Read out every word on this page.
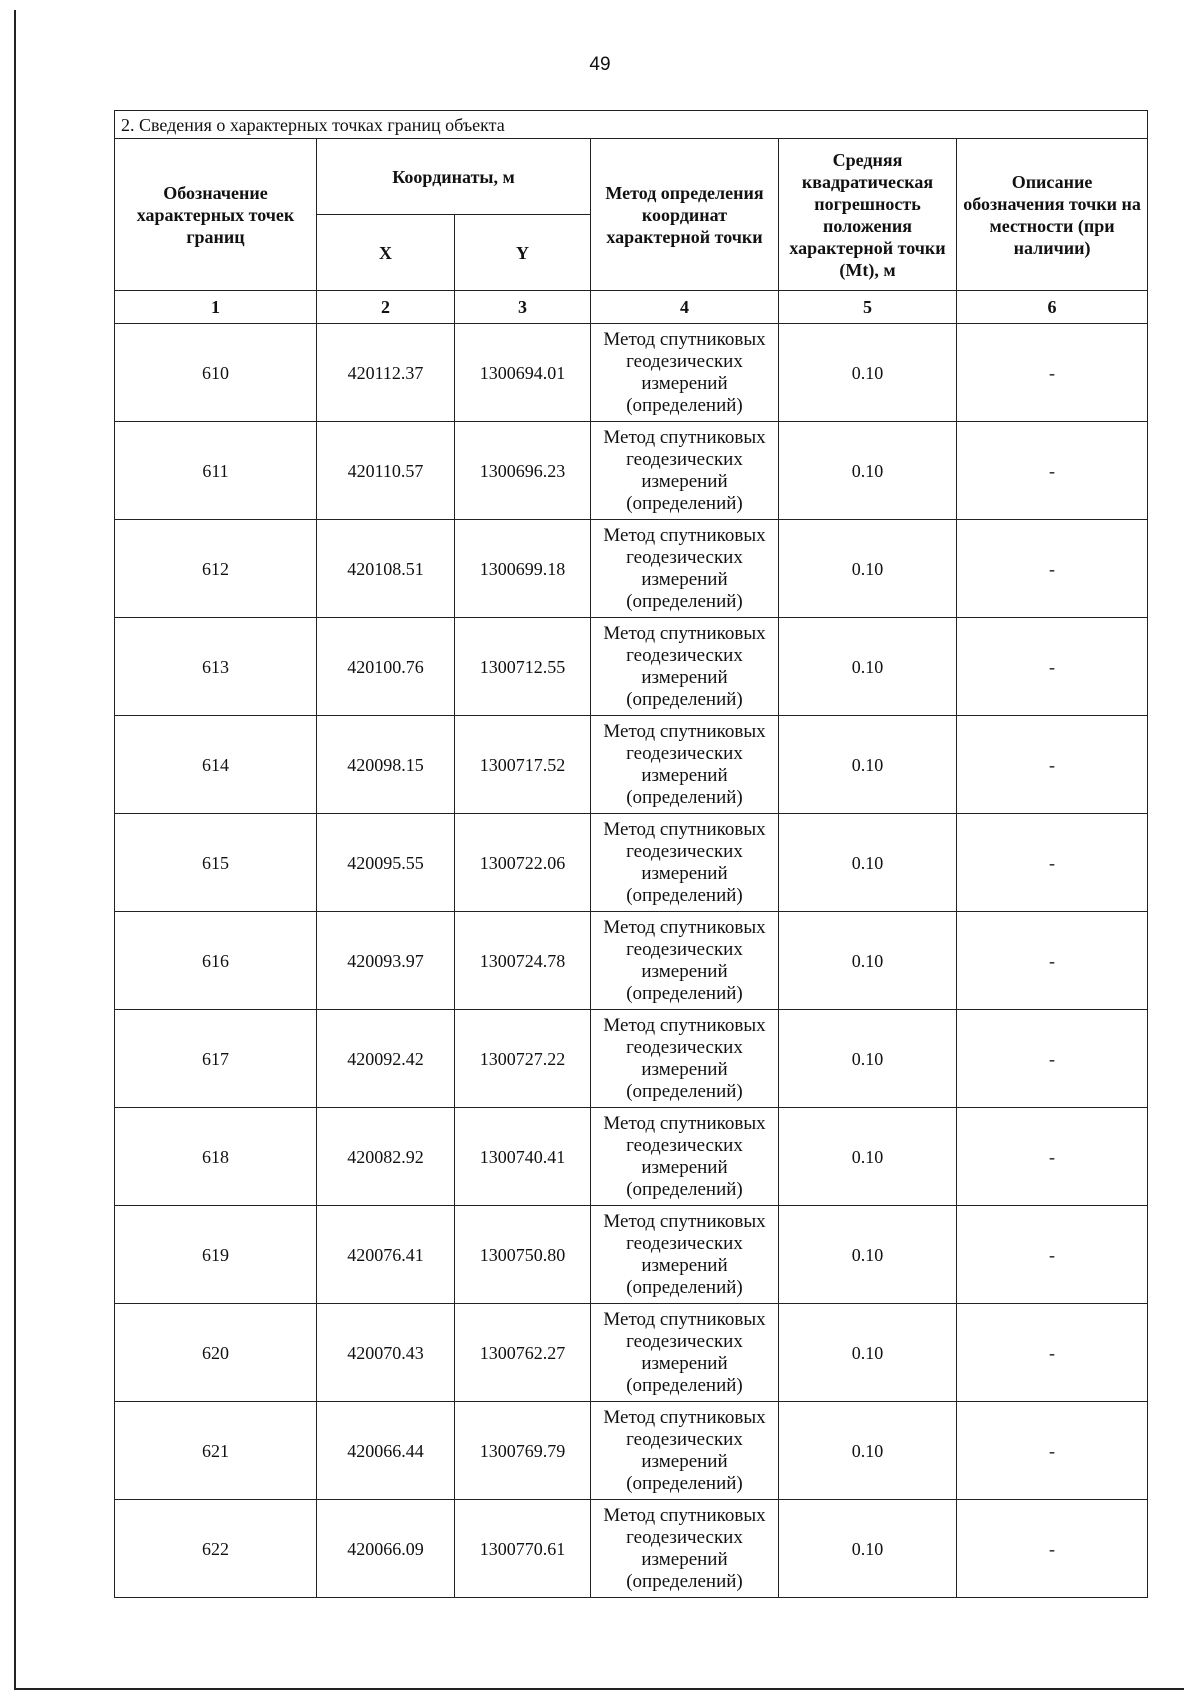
49
2. Сведения о характерных точках границ объекта					
Обозначение характерных точек границ	Координаты, м		Метод определения координат характерной точки	Средняя квадратическая погрешность положения характерной точки (Mt), м	Описание обозначения точки на местности (при наличии)
	X	Y			
1	2	3	4	5	6
610	420112.37	1300694.01	Метод спутниковых геодезических измерений (определений)	0.10	-
611	420110.57	1300696.23	Метод спутниковых геодезических измерений (определений)	0.10	-
612	420108.51	1300699.18	Метод спутниковых геодезических измерений (определений)	0.10	-
613	420100.76	1300712.55	Метод спутниковых геодезических измерений (определений)	0.10	-
614	420098.15	1300717.52	Метод спутниковых геодезических измерений (определений)	0.10	-
615	420095.55	1300722.06	Метод спутниковых геодезических измерений (определений)	0.10	-
616	420093.97	1300724.78	Метод спутниковых геодезических измерений (определений)	0.10	-
617	420092.42	1300727.22	Метод спутниковых геодезических измерений (определений)	0.10	-
618	420082.92	1300740.41	Метод спутниковых геодезических измерений (определений)	0.10	-
619	420076.41	1300750.80	Метод спутниковых геодезических измерений (определений)	0.10	-
620	420070.43	1300762.27	Метод спутниковых геодезических измерений (определений)	0.10	-
621	420066.44	1300769.79	Метод спутниковых геодезических измерений (определений)	0.10	-
622	420066.09	1300770.61	Метод спутниковых геодезических измерений (определений)	0.10	-
